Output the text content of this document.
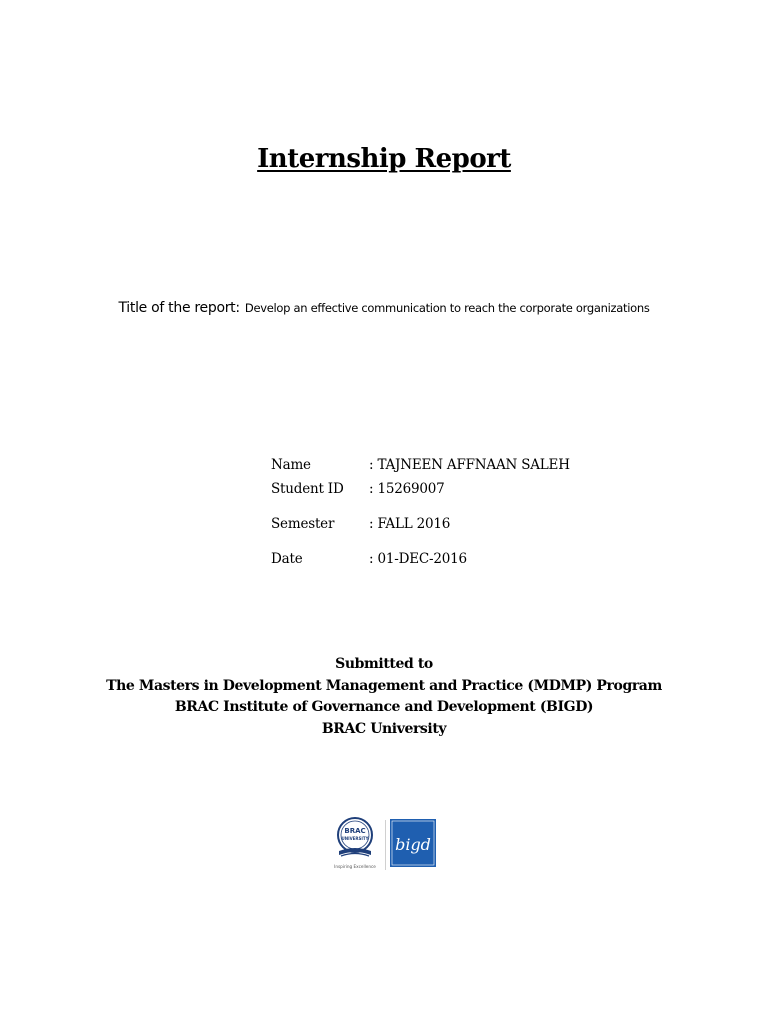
Internship Report
Title of the report: Develop an effective communication to reach the corporate organizations
Name	: TAJNEEN AFFNAAN SALEH
Student ID : 15269007
Semester	: FALL 2016
Date	: 01-DEC-2016
Submitted to
The Masters in Development Management and Practice (MDMP) Program
BRAC Institute of Governance and Development (BIGD)
BRAC University
BRAC
UNIVERSITY
Inspiring Excellence
bigd
